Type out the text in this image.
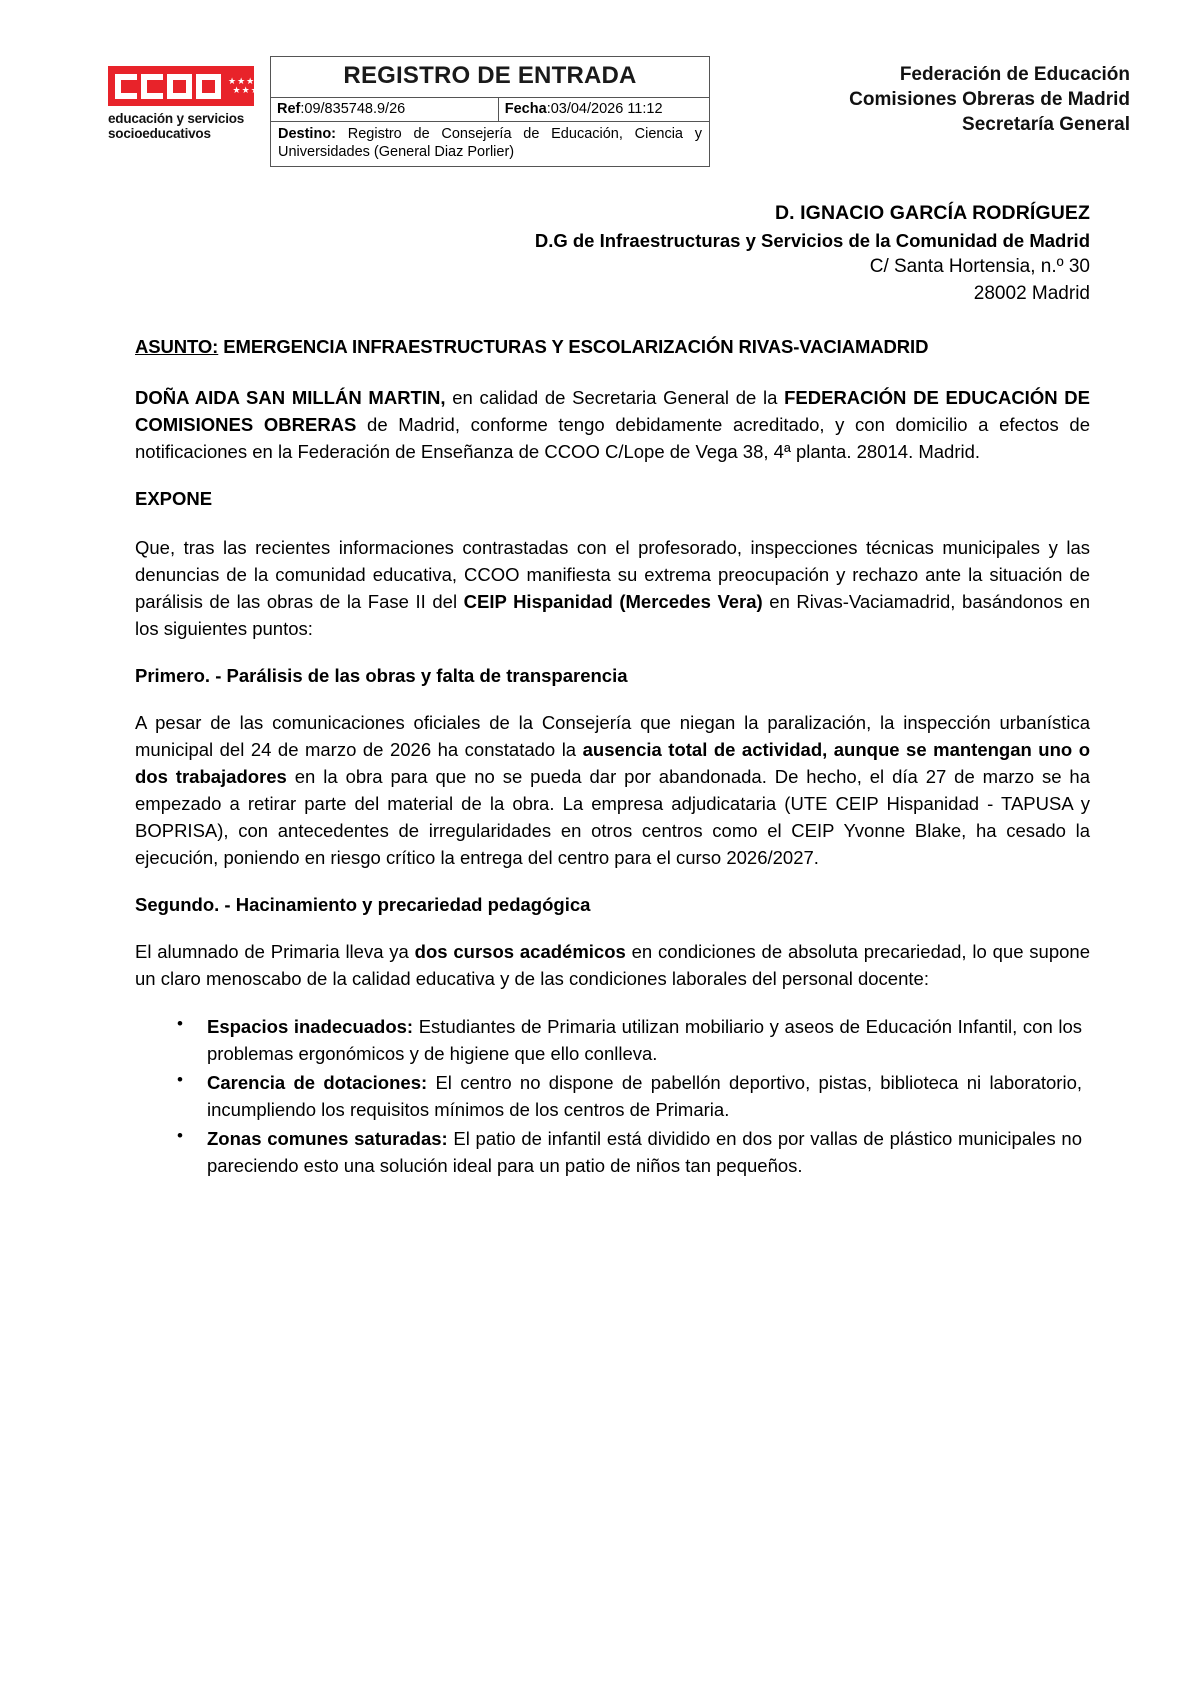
★ ★ ★ ★
★ ★ ★
educación y servicios
socioeducativos
REGISTRO DE ENTRADA
Ref:09/835748.9/26	Fecha:03/04/2026 11:12
Destino: Registro de Consejería de Educación, Ciencia y Universidades (General Diaz Porlier)
Federación de Educación
Comisiones Obreras de Madrid
Secretaría General
D. IGNACIO GARCÍA RODRÍGUEZ
D.G de Infraestructuras y Servicios de la Comunidad de Madrid
C/ Santa Hortensia, n.º 30
28002 Madrid
ASUNTO: EMERGENCIA INFRAESTRUCTURAS Y ESCOLARIZACIÓN RIVAS-VACIAMADRID

DOÑA AIDA SAN MILLÁN MARTIN, en calidad de Secretaria General de la FEDERACIÓN DE EDUCACIÓN DE COMISIONES OBRERAS de Madrid, conforme tengo debidamente acreditado, y con domicilio a efectos de notificaciones en la Federación de Enseñanza de CCOO C/Lope de Vega 38, 4ª planta. 28014. Madrid.

EXPONE

Que, tras las recientes informaciones contrastadas con el profesorado, inspecciones técnicas municipales y las denuncias de la comunidad educativa, CCOO manifiesta su extrema preocupación y rechazo ante la situación de parálisis de las obras de la Fase II del CEIP Hispanidad (Mercedes Vera) en Rivas-Vaciamadrid, basándonos en los siguientes puntos:

Primero. - Parálisis de las obras y falta de transparencia

A pesar de las comunicaciones oficiales de la Consejería que niegan la paralización, la inspección urbanística municipal del 24 de marzo de 2026 ha constatado la ausencia total de actividad, aunque se mantengan uno o dos trabajadores en la obra para que no se pueda dar por abandonada. De hecho, el día 27 de marzo se ha empezado a retirar parte del material de la obra. La empresa adjudicataria (UTE CEIP Hispanidad - TAPUSA y BOPRISA), con antecedentes de irregularidades en otros centros como el CEIP Yvonne Blake, ha cesado la ejecución, poniendo en riesgo crítico la entrega del centro para el curso 2026/2027.

Segundo. - Hacinamiento y precariedad pedagógica

El alumnado de Primaria lleva ya dos cursos académicos en condiciones de absoluta precariedad, lo que supone un claro menoscabo de la calidad educativa y de las condiciones laborales del personal docente:

• Espacios inadecuados: Estudiantes de Primaria utilizan mobiliario y aseos de Educación Infantil, con los problemas ergonómicos y de higiene que ello conlleva.
• Carencia de dotaciones: El centro no dispone de pabellón deportivo, pistas, biblioteca ni laboratorio, incumpliendo los requisitos mínimos de los centros de Primaria.
• Zonas comunes saturadas: El patio de infantil está dividido en dos por vallas de plástico municipales no pareciendo esto una solución ideal para un patio de niños tan pequeños.
